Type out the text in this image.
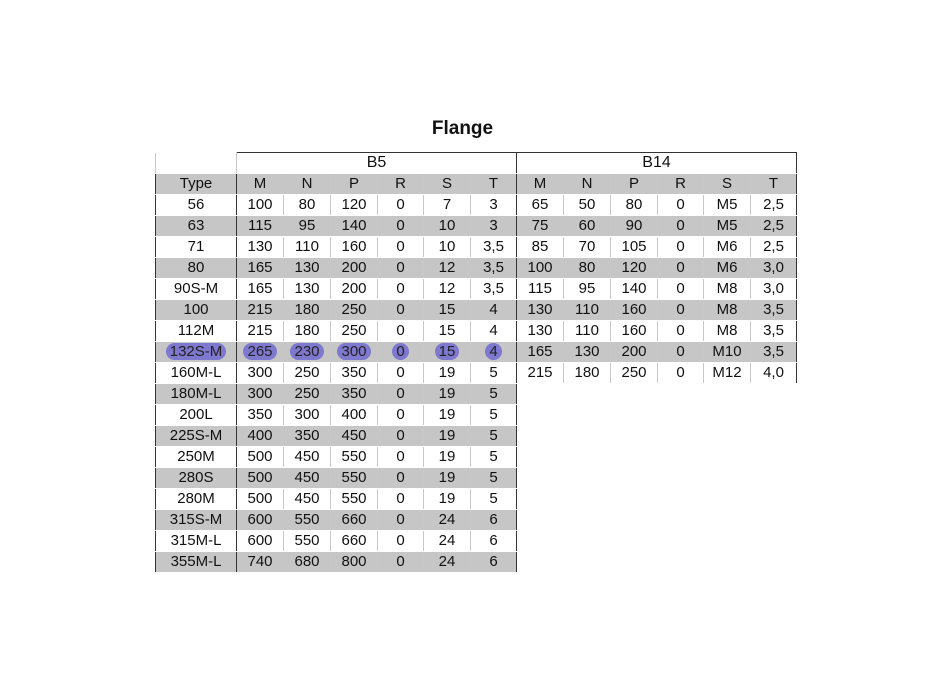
Flange
	B5						B14					
Type	M	N	P	R	S	T	M	N	P	R	S	T
56	100	80	120	0	7	3	65	50	80	0	M5	2,5
63	115	95	140	0	10	3	75	60	90	0	M5	2,5
71	130	110	160	0	10	3,5	85	70	105	0	M6	2,5
80	165	130	200	0	12	3,5	100	80	120	0	M6	3,0
90S-M	165	130	200	0	12	3,5	115	95	140	0	M8	3,0
100	215	180	250	0	15	4	130	110	160	0	M8	3,5
112M	215	180	250	0	15	4	130	110	160	0	M8	3,5
132S-M	265	230	300	0	15	4	165	130	200	0	M10	3,5
160M-L	300	250	350	0	19	5	215	180	250	0	M12	4,0
180M-L	300	250	350	0	19	5						
200L	350	300	400	0	19	5						
225S-M	400	350	450	0	19	5						
250M	500	450	550	0	19	5						
280S	500	450	550	0	19	5						
280M	500	450	550	0	19	5						
315S-M	600	550	660	0	24	6						
315M-L	600	550	660	0	24	6						
355M-L	740	680	800	0	24	6						
